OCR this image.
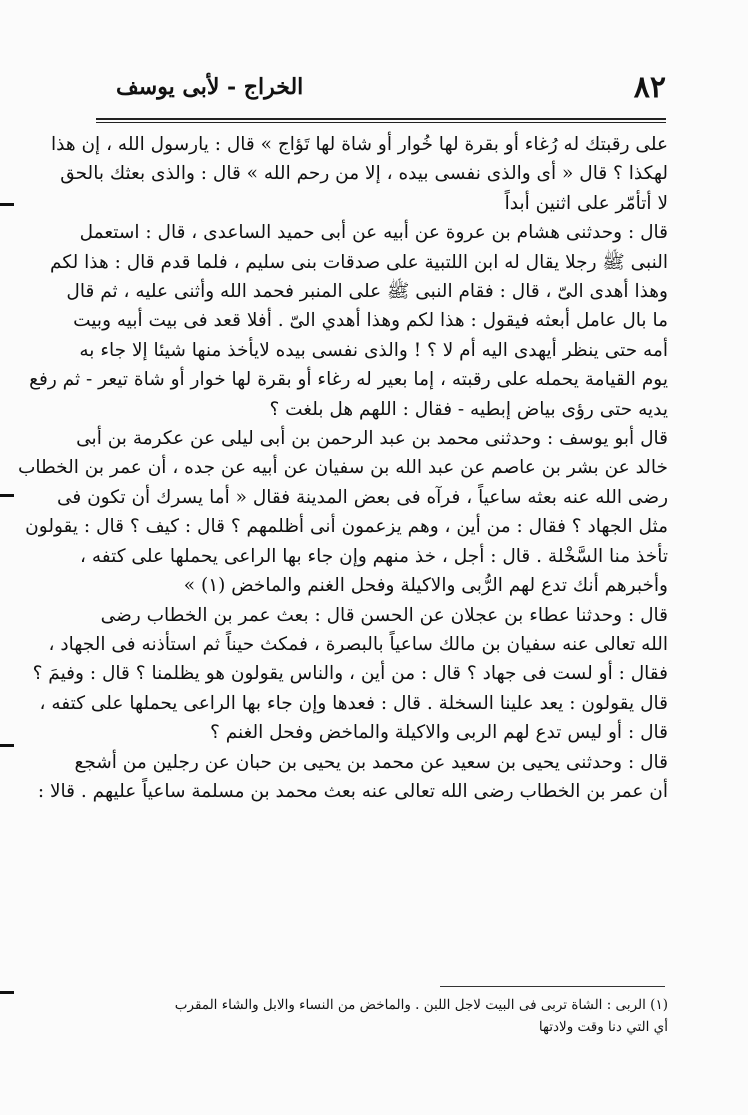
٨٢
الخراج - لأبى يوسف
على رقبتك له رُغاء أو بقرة لها خُوار أو شاة لها تَؤاج » قال : يارسول الله ، إن هذا
لهكذا ؟ قال « أى والذى نفسى بيده ، إلا من رحم الله » قال : والذى بعثك بالحق
لا أتأمّر على اثنين أبداً
قال : وحدثنى هشام بن عروة عن أبيه عن أبى حميد الساعدى ، قال : استعمل
النبى ﷺ رجلا يقال له ابن اللتبية على صدقات بنى سليم ، فلما قدم قال : هذا لكم
وهذا أهدى الىّ ، قال : فقام النبى ﷺ على المنبر فحمد الله وأثنى عليه ، ثم قال
ما بال عامل أبعثه فيقول : هذا لكم وهذا أهدي الىّ . أفلا قعد فى بيت أبيه وبيت
أمه حتى ينظر أيهدى اليه أم لا ؟ ! والذى نفسى بيده لايأخذ منها شيئا إلا جاء به
يوم القيامة يحمله على رقبته ، إما بعير له رغاء أو بقرة لها خوار أو شاة تيعر - ثم رفع
يديه حتى رؤى بياض إبطيه - فقال : اللهم هل بلغت ؟
قال أبو يوسف : وحدثنى محمد بن عبد الرحمن بن أبى ليلى عن عكرمة بن أبى
خالد عن بشر بن عاصم عن عبد الله بن سفيان عن أبيه عن جده ، أن عمر بن الخطاب
رضى الله عنه بعثه ساعياً ، فرآه فى بعض المدينة فقال « أما يسرك أن تكون فى
مثل الجهاد ؟ فقال : من أين ، وهم يزعمون أنى أظلمهم ؟ قال : كيف ؟ قال : يقولون
تأخذ منا السَّخْلة . قال : أجل ، خذ منهم وإن جاء بها الراعى يحملها على كتفه ،
وأخبرهم أنك تدع لهم الرُّبى والاكيلة وفحل الغنم والماخض (١) »
قال : وحدثنا عطاء بن عجلان عن الحسن قال : بعث عمر بن الخطاب رضى
الله تعالى عنه سفيان بن مالك ساعياً بالبصرة ، فمكث حيناً ثم استأذنه فى الجهاد ،
فقال : أو لست فى جهاد ؟ قال : من أين ، والناس يقولون هو يظلمنا ؟ قال : وفيمَ ؟
قال يقولون : يعد علينا السخلة . قال : فعدها وإن جاء بها الراعى يحملها على كتفه ،
قال : أو ليس تدع لهم الربى والاكيلة والماخض وفحل الغنم ؟
قال : وحدثنى يحيى بن سعيد عن محمد بن يحيى بن حبان عن رجلين من أشجع
أن عمر بن الخطاب رضى الله تعالى عنه بعث محمد بن مسلمة ساعياً عليهم . قالا :
(١) الربى : الشاة تربى فى البيت لاجل اللبن . والماخض من النساء والابل والشاء المقرب
أي التي دنا وقت ولادتها
